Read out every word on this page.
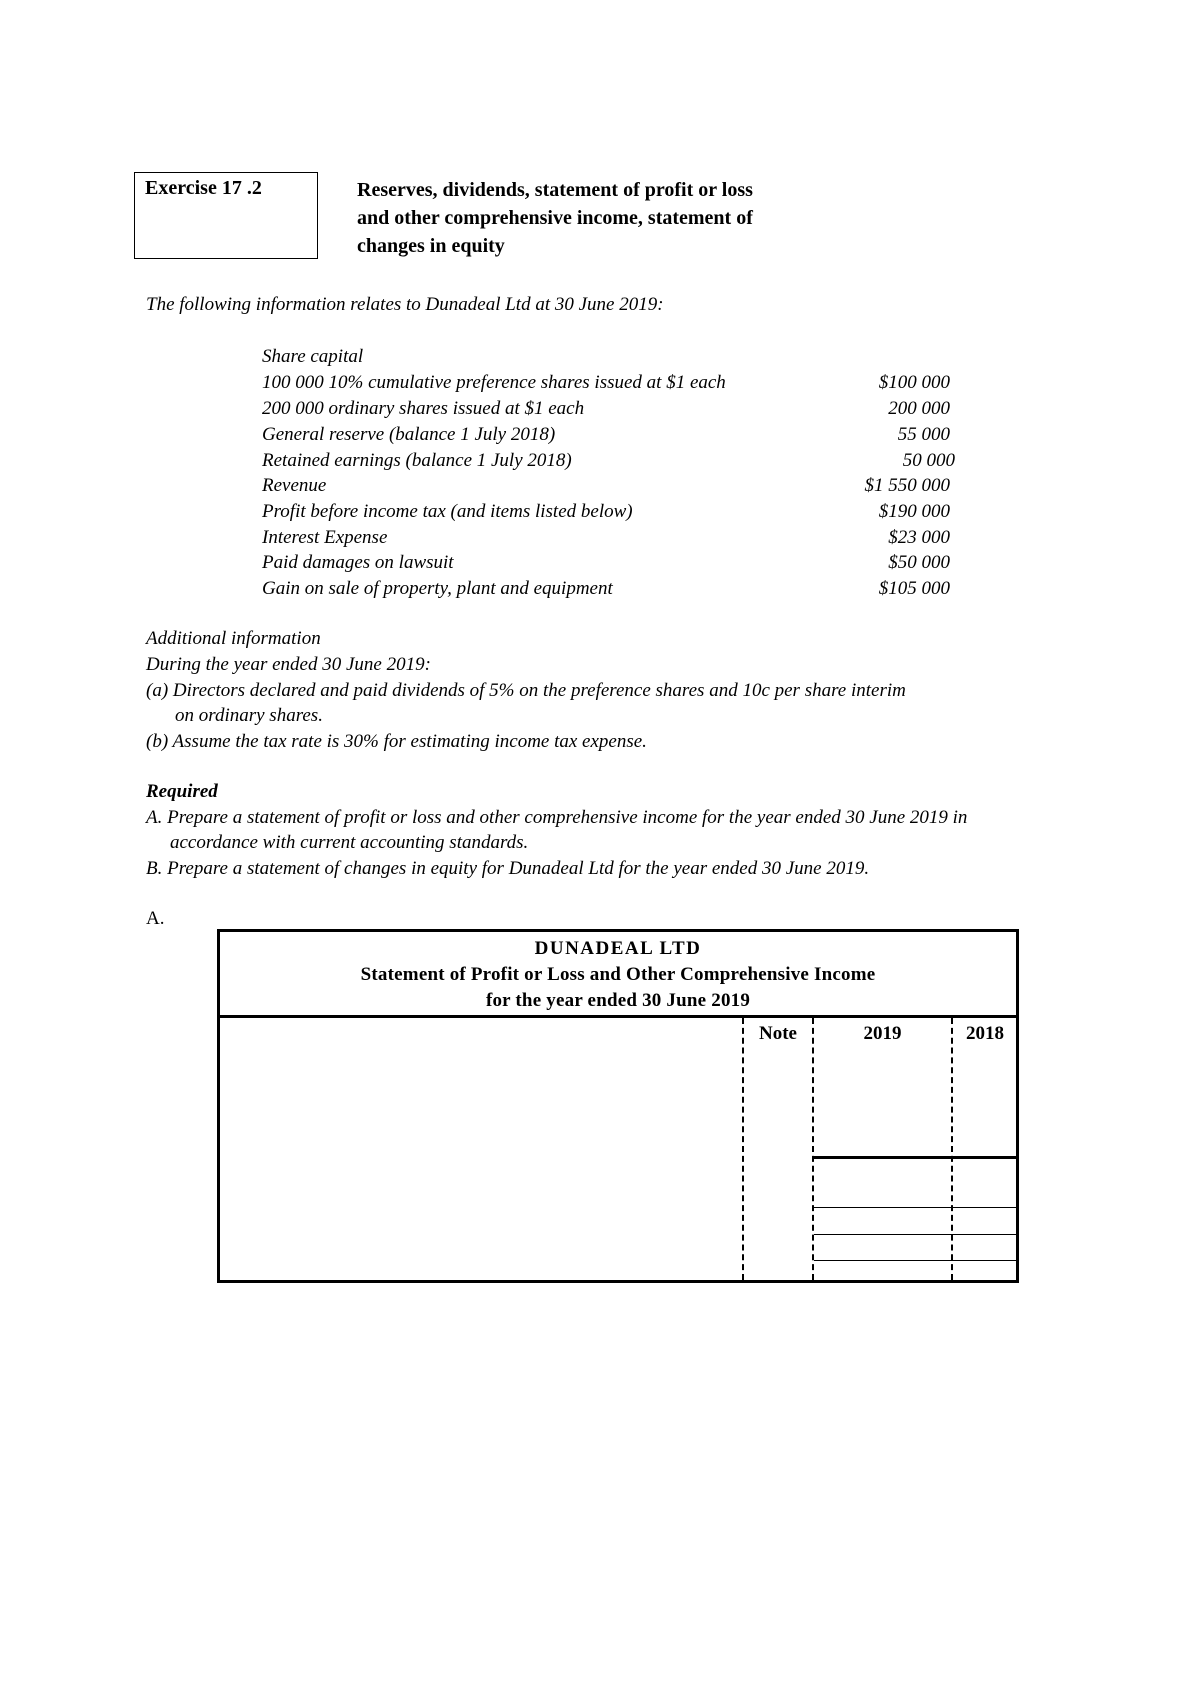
Exercise 17 .2	Reserves, dividends, statement of profit or loss
and other comprehensive income, statement of
changes in equity
The following information relates to Dunadeal Ltd at 30 June 2019:
Share capital
100 000 10% cumulative preference shares issued at $1 each	$100 000
200 000 ordinary shares issued at $1 each	200 000
General reserve (balance 1 July 2018)	55 000
Retained earnings (balance 1 July 2018)	50 000
Revenue	$1 550 000
Profit before income tax (and items listed below)	$190 000
Interest Expense	$23 000
Paid damages on lawsuit	$50 000
Gain on sale of property, plant and equipment	$105 000
Additional information
During the year ended 30 June 2019:
(a) Directors declared and paid dividends of 5% on the preference shares and 10c per share interim
on ordinary shares.
(b) Assume the tax rate is 30% for estimating income tax expense.
Required
A. Prepare a statement of profit or loss and other comprehensive income for the year ended 30 June 2019 in
accordance with current accounting standards.
B. Prepare a statement of changes in equity for Dunadeal Ltd for the year ended 30 June 2019.
A.
DUNADEAL LTD
Statement of Profit or Loss and Other Comprehensive Income
for the year ended 30 June 2019
Note	2019	2018
